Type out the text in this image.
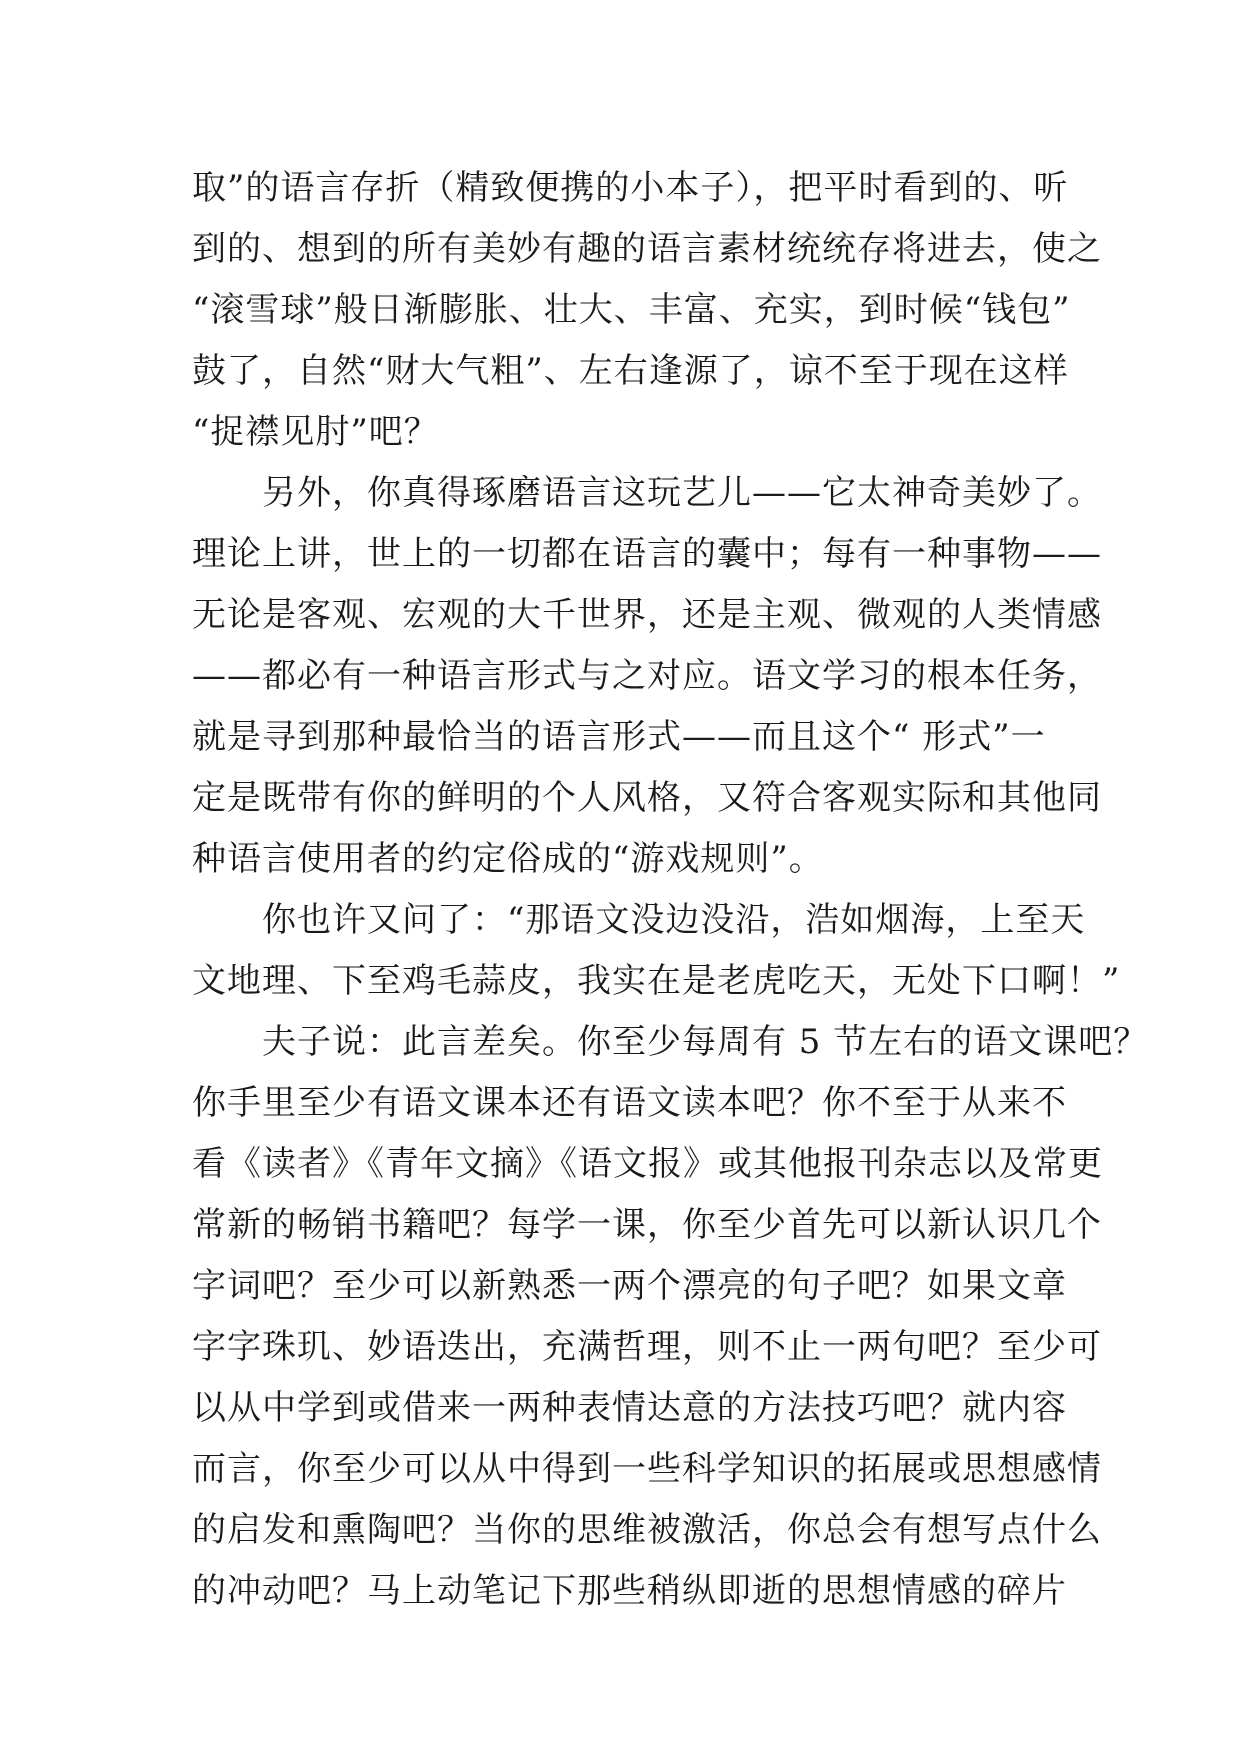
取”的语言存折（精致便携的小本子），把平时看到的、听
到的、想到的所有美妙有趣的语言素材统统存将进去，使之
“滚雪球”般日渐膨胀、壮大、丰富、充实，到时候“钱包”
鼓了，自然“财大气粗”、左右逢源了，谅不至于现在这样
“捉襟见肘”吧？
　　另外，你真得琢磨语言这玩艺儿——它太神奇美妙了。
理论上讲，世上的一切都在语言的囊中；每有一种事物——
无论是客观、宏观的大千世界，还是主观、微观的人类情感
——都必有一种语言形式与之对应。语文学习的根本任务，
就是寻到那种最恰当的语言形式——而且这个“ 形式”一
定是既带有你的鲜明的个人风格，又符合客观实际和其他同
种语言使用者的约定俗成的“游戏规则”。
　　你也许又问了：“那语文没边没沿，浩如烟海，上至天
文地理、下至鸡毛蒜皮，我实在是老虎吃天，无处下口啊！”
　　夫子说：此言差矣。你至少每周有 5 节左右的语文课吧？
你手里至少有语文课本还有语文读本吧？你不至于从来不
看《读者》《青年文摘》《语文报》或其他报刊杂志以及常更
常新的畅销书籍吧？每学一课，你至少首先可以新认识几个
字词吧？至少可以新熟悉一两个漂亮的句子吧？如果文章
字字珠玑、妙语迭出，充满哲理，则不止一两句吧？至少可
以从中学到或借来一两种表情达意的方法技巧吧？就内容
而言，你至少可以从中得到一些科学知识的拓展或思想感情
的启发和熏陶吧？当你的思维被激活，你总会有想写点什么
的冲动吧？马上动笔记下那些稍纵即逝的思想情感的碎片
